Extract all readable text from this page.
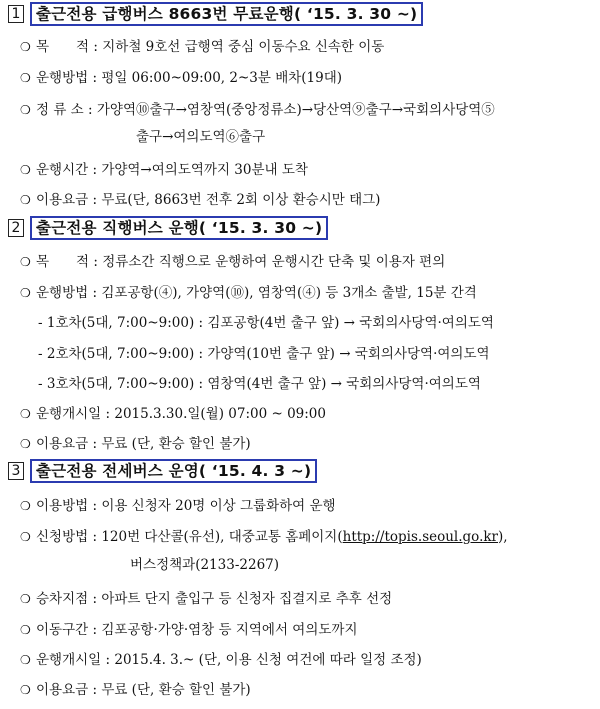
1	출근전용 급행버스 8663번 무료운행( ‘15. 3. 30 ~)
❍ 목　　적 : 지하철 9호선 급행역 중심 이동수요 신속한 이동
❍ 운행방법 : 평일 06:00~09:00, 2~3분 배차(19대)
❍ 정 류 소 : 가양역⑩출구→염창역(중앙정류소)→당산역⑨출구→국회의사당역⑤
출구→여의도역⑥출구
❍ 운행시간 : 가양역→여의도역까지 30분내 도착
❍ 이용요금 : 무료(단, 8663번 전후 2회 이상 환승시만 태그)
2	출근전용 직행버스 운행( ‘15. 3. 30 ~)
❍ 목　　적 : 정류소간 직행으로 운행하여 운행시간 단축 및 이용자 편의
❍ 운행방법 : 김포공항(④), 가양역(⑩), 염창역(④) 등 3개소 출발, 15분 간격
- 1호차(5대, 7:00~9:00) : 김포공항(4번 출구 앞) → 국회의사당역·여의도역
- 2호차(5대, 7:00~9:00) : 가양역(10번 출구 앞) → 국회의사당역·여의도역
- 3호차(5대, 7:00~9:00) : 염창역(4번 출구 앞) → 국회의사당역·여의도역
❍ 운행개시일 : 2015.3.30.일(월) 07:00 ~ 09:00
❍ 이용요금 : 무료 (단, 환승 할인 불가)
3	출근전용 전세버스 운영( ‘15. 4. 3 ~)
❍ 이용방법 : 이용 신청자 20명 이상 그룹화하여 운행
❍ 신청방법 : 120번 다산콜(유선), 대중교통 홈페이지(http://topis.seoul.go.kr),
버스정책과(2133-2267)
❍ 승차지점 : 아파트 단지 출입구 등 신청자 집결지로 추후 선정
❍ 이동구간 : 김포공항·가양·염창 등 지역에서 여의도까지
❍ 운행개시일 : 2015.4. 3.~ (단, 이용 신청 여건에 따라 일정 조정)
❍ 이용요금 : 무료 (단, 환승 할인 불가)
